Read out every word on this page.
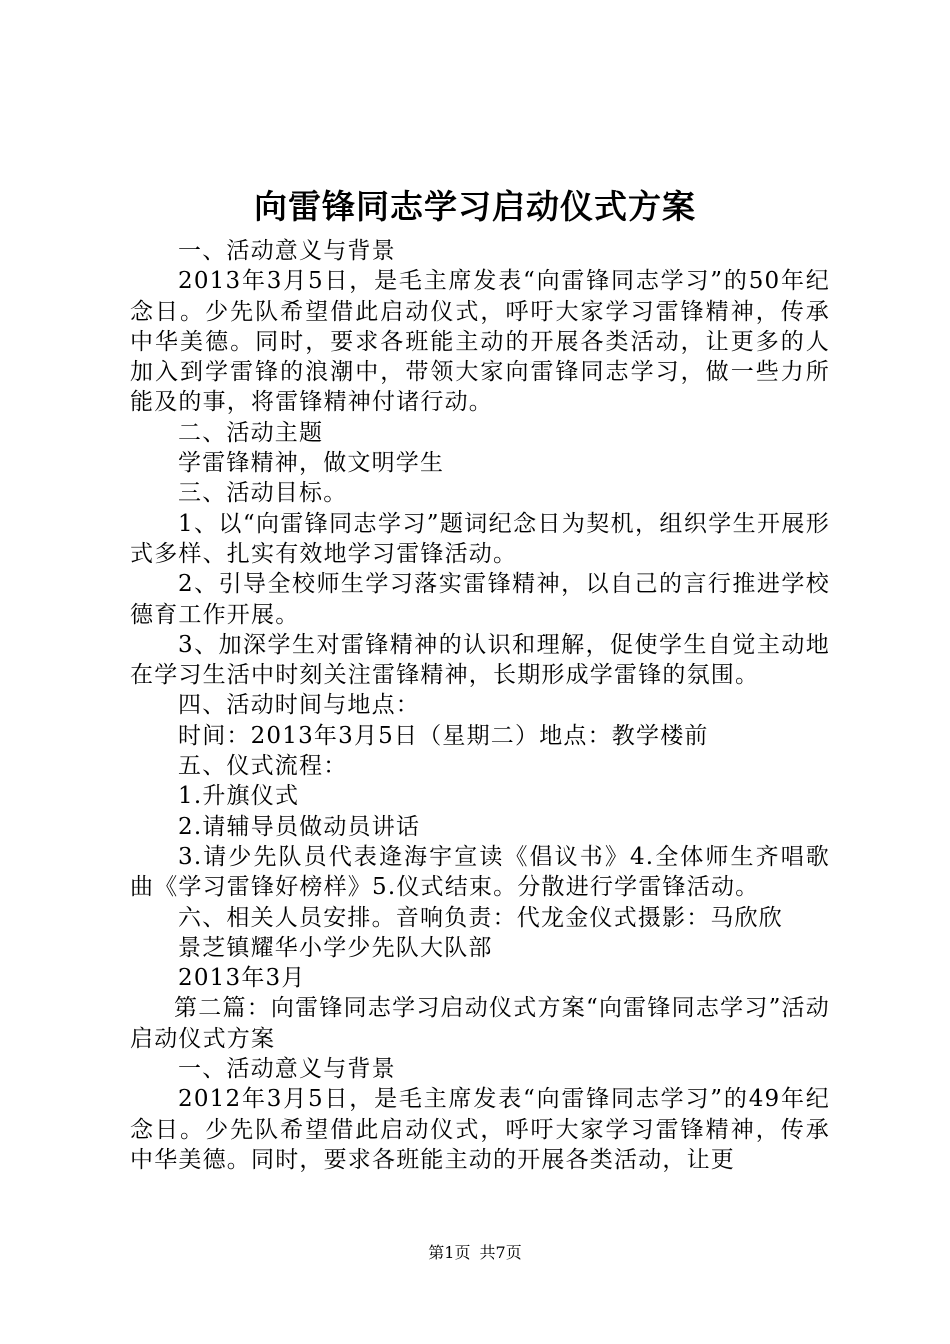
向雷锋同志学习启动仪式方案

一、活动意义与背景

2013年3月5日，是毛主席发表“向雷锋同志学习”的50年纪念日。少先队希望借此启动仪式，呼吁大家学习雷锋精神，传承中华美德。同时，要求各班能主动的开展各类活动，让更多的人加入到学雷锋的浪潮中，带领大家向雷锋同志学习，做一些力所能及的事，将雷锋精神付诸行动。

二、活动主题

学雷锋精神，做文明学生

三、活动目标。

1、以“向雷锋同志学习”题词纪念日为契机，组织学生开展形式多样、扎实有效地学习雷锋活动。

2、引导全校师生学习落实雷锋精神，以自己的言行推进学校德育工作开展。

3、加深学生对雷锋精神的认识和理解，促使学生自觉主动地在学习生活中时刻关注雷锋精神，长期形成学雷锋的氛围。

四、活动时间与地点：

时间：2013年3月5日（星期二）地点：教学楼前

五、仪式流程：

1.升旗仪式

2.请辅导员做动员讲话

3.请少先队员代表逄海宇宣读《倡议书》4.全体师生齐唱歌曲《学习雷锋好榜样》5.仪式结束。分散进行学雷锋活动。

六、相关人员安排。音响负责：代龙金仪式摄影：马欣欣

景芝镇耀华小学少先队大队部

2013年3月

第二篇：向雷锋同志学习启动仪式方案“向雷锋同志学习”活动启动仪式方案

一、活动意义与背景

2012年3月5日，是毛主席发表“向雷锋同志学习”的49年纪念日。少先队希望借此启动仪式，呼吁大家学习雷锋精神，传承中华美德。同时，要求各班能主动的开展各类活动，让更

第1页 共7页
